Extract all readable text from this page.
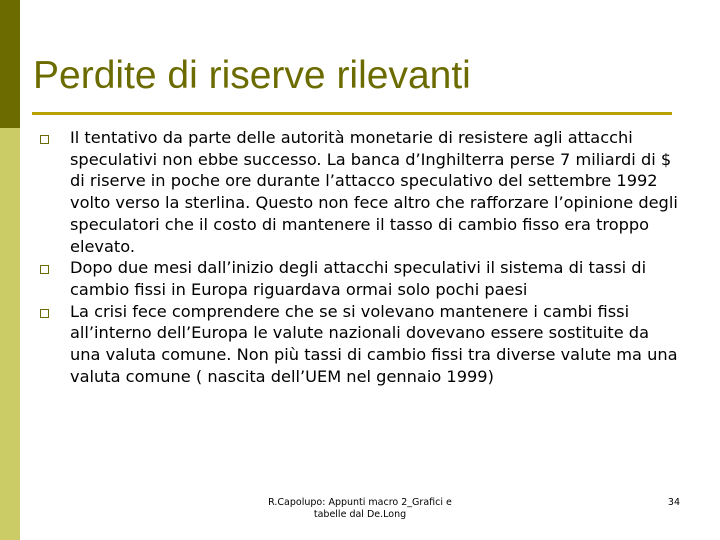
Perdite di riserve rilevanti
Il tentativo da parte delle autorità monetarie di resistere agli attacchi speculativi non ebbe successo. La banca d’Inghilterra perse 7 miliardi di $ di riserve in poche ore durante l’attacco speculativo del settembre 1992 volto verso la sterlina. Questo non fece altro che rafforzare l’opinione degli speculatori che il costo di mantenere il tasso di cambio fisso era troppo elevato.
Dopo due mesi dall’inizio degli attacchi speculativi il sistema di tassi di cambio fissi in Europa riguardava ormai solo pochi paesi
La crisi fece comprendere che se si volevano mantenere i cambi fissi all’interno dell’Europa le valute nazionali dovevano essere sostituite da una valuta comune. Non più tassi di cambio fissi tra diverse valute ma una valuta comune ( nascita dell’UEM nel gennaio 1999)
R.Capolupo: Appunti macro 2_Grafici e
tabelle dal De.Long
34
